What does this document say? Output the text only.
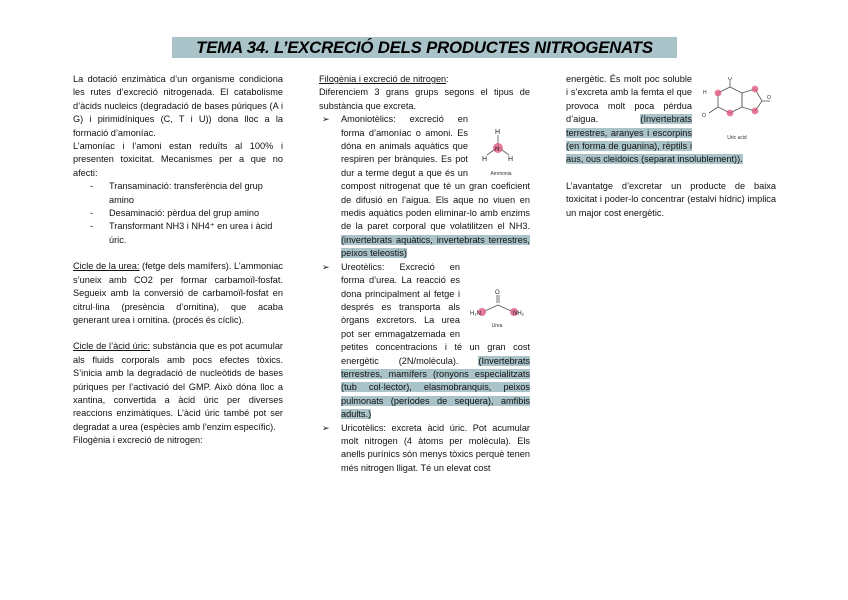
TEMA 34. L’EXCRECIÓ DELS PRODUCTES NITROGENATS

La dotació enzimàtica d’un organisme condiciona les rutes d’excreció nitrogenada. El catabolisme d’àcids nucleics (degradació de bases púriques (A i G) i pirimidíniques (C, T i U)) dona lloc a la formació d’amoníac.

L’amoníac i l’amoni estan reduïts al 100% i presenten toxicitat. Mecanismes per a que no afecti:

- Transaminació: transferència del grup amino
- Desaminació: pèrdua del grup amino
- Transformant NH3 i NH4⁺ en urea i àcid úric.

Cicle de la urea: (fetge dels mamífers). L’ammoniac s’uneix amb CO2 per formar carbamoïl-fosfat. Segueix amb la conversió de carbamoïl-fosfat en citrul·lina (presència d’ornitina), que acaba generant urea i ornitina. (procés és cíclic).

Cicle de l’àcid úric: substància que es pot acumular als fluids corporals amb pocs efectes tòxics. S’inicia amb la degradació de nucleòtids de bases púriques per l’activació del GMP. Això dóna lloc a xantina, convertida a àcid úric per diverses reaccions enzimàtiques. L’àcid úric també pot ser degradat a urea (espècies amb l’enzim específic).

Filogènia i excreció de nitrogen:

Filogènia i excreció de nitrogen:

Diferenciem 3 grans grups segons el tipus de substància que excreta.

➢
H
H	H
N
Ammonia

Amoniotèlics: excreció en forma d’amoníac o amoni. Es dóna en animals aquàtics que respiren per brànquies. Es pot dur a terme degut a que és un compost nitrogenat que té un gran coeficient de difusió en l’aigua. Els aque no viuen en medis aquàtics poden eliminar-lo amb enzims de la paret corporal que volatilitzen el NH3. (invertebrats aquàtics, invertebrats terrestres, peixos teleostis)

➢
O
H₂N	NH₂
Urea

Ureotèlics: Excreció en forma d’urea. La reacció es dona principalment al fetge i després es transporta als òrgans excretors. La urea pot ser emmagatzemada en petites concentracions i té un gran cost energètic (2N/molècula). (Invertebrats terrestres, mamífers (ronyons especialitzats (tub col·lector), elasmobranquis, peixos pulmonats (períodes de sequera), amfibis adults.)

➢ Uricotèlics: excreta àcid úric. Pot acumular molt nitrogen (4 àtoms per molècula). Els anells purínics són menys tòxics perquè tenen més nitrogen lligat. Té un elevat cost

H
O
O
O
Uric acid

energètic. És molt poc soluble i s’excreta amb la femta el que provoca molt poca pèrdua d’aigua.	(Invertebrats terrestres, aranyes i escorpins (en forma de guanina), rèptils i aus, ous cleidoics (separat insolublement)).

L’avantatge d’excretar un producte de baixa toxicitat i poder-lo concentrar (estalvi hídric) implica un major cost energètic.
